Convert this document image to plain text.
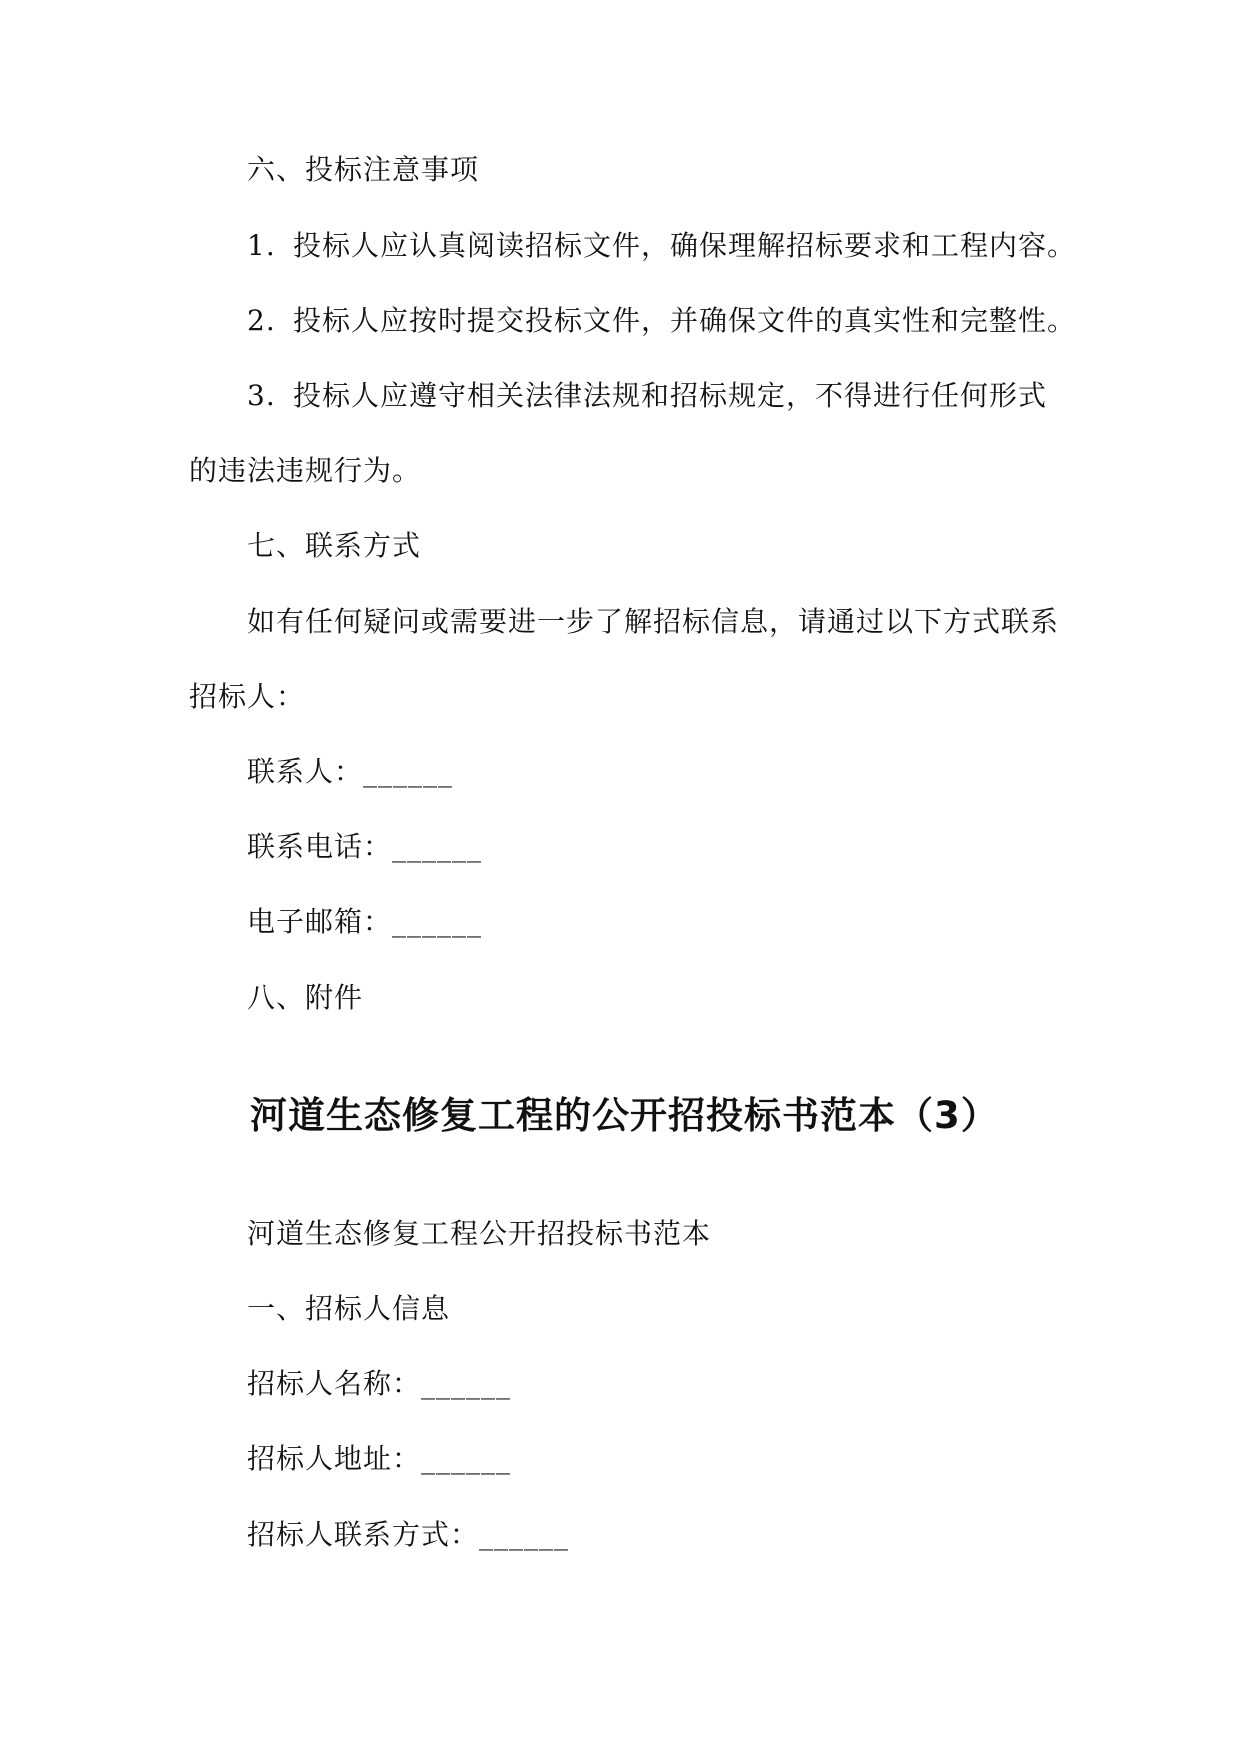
六、投标注意事项
1. 投标人应认真阅读招标文件，确保理解招标要求和工程内容。
2. 投标人应按时提交投标文件，并确保文件的真实性和完整性。
3. 投标人应遵守相关法律法规和招标规定，不得进行任何形式
的违法违规行为。
七、联系方式
如有任何疑问或需要进一步了解招标信息，请通过以下方式联系
招标人：
联系人：______
联系电话：______
电子邮箱：______
八、附件
河道生态修复工程的公开招投标书范本（3）
河道生态修复工程公开招投标书范本
一、招标人信息
招标人名称：______
招标人地址：______
招标人联系方式：______
